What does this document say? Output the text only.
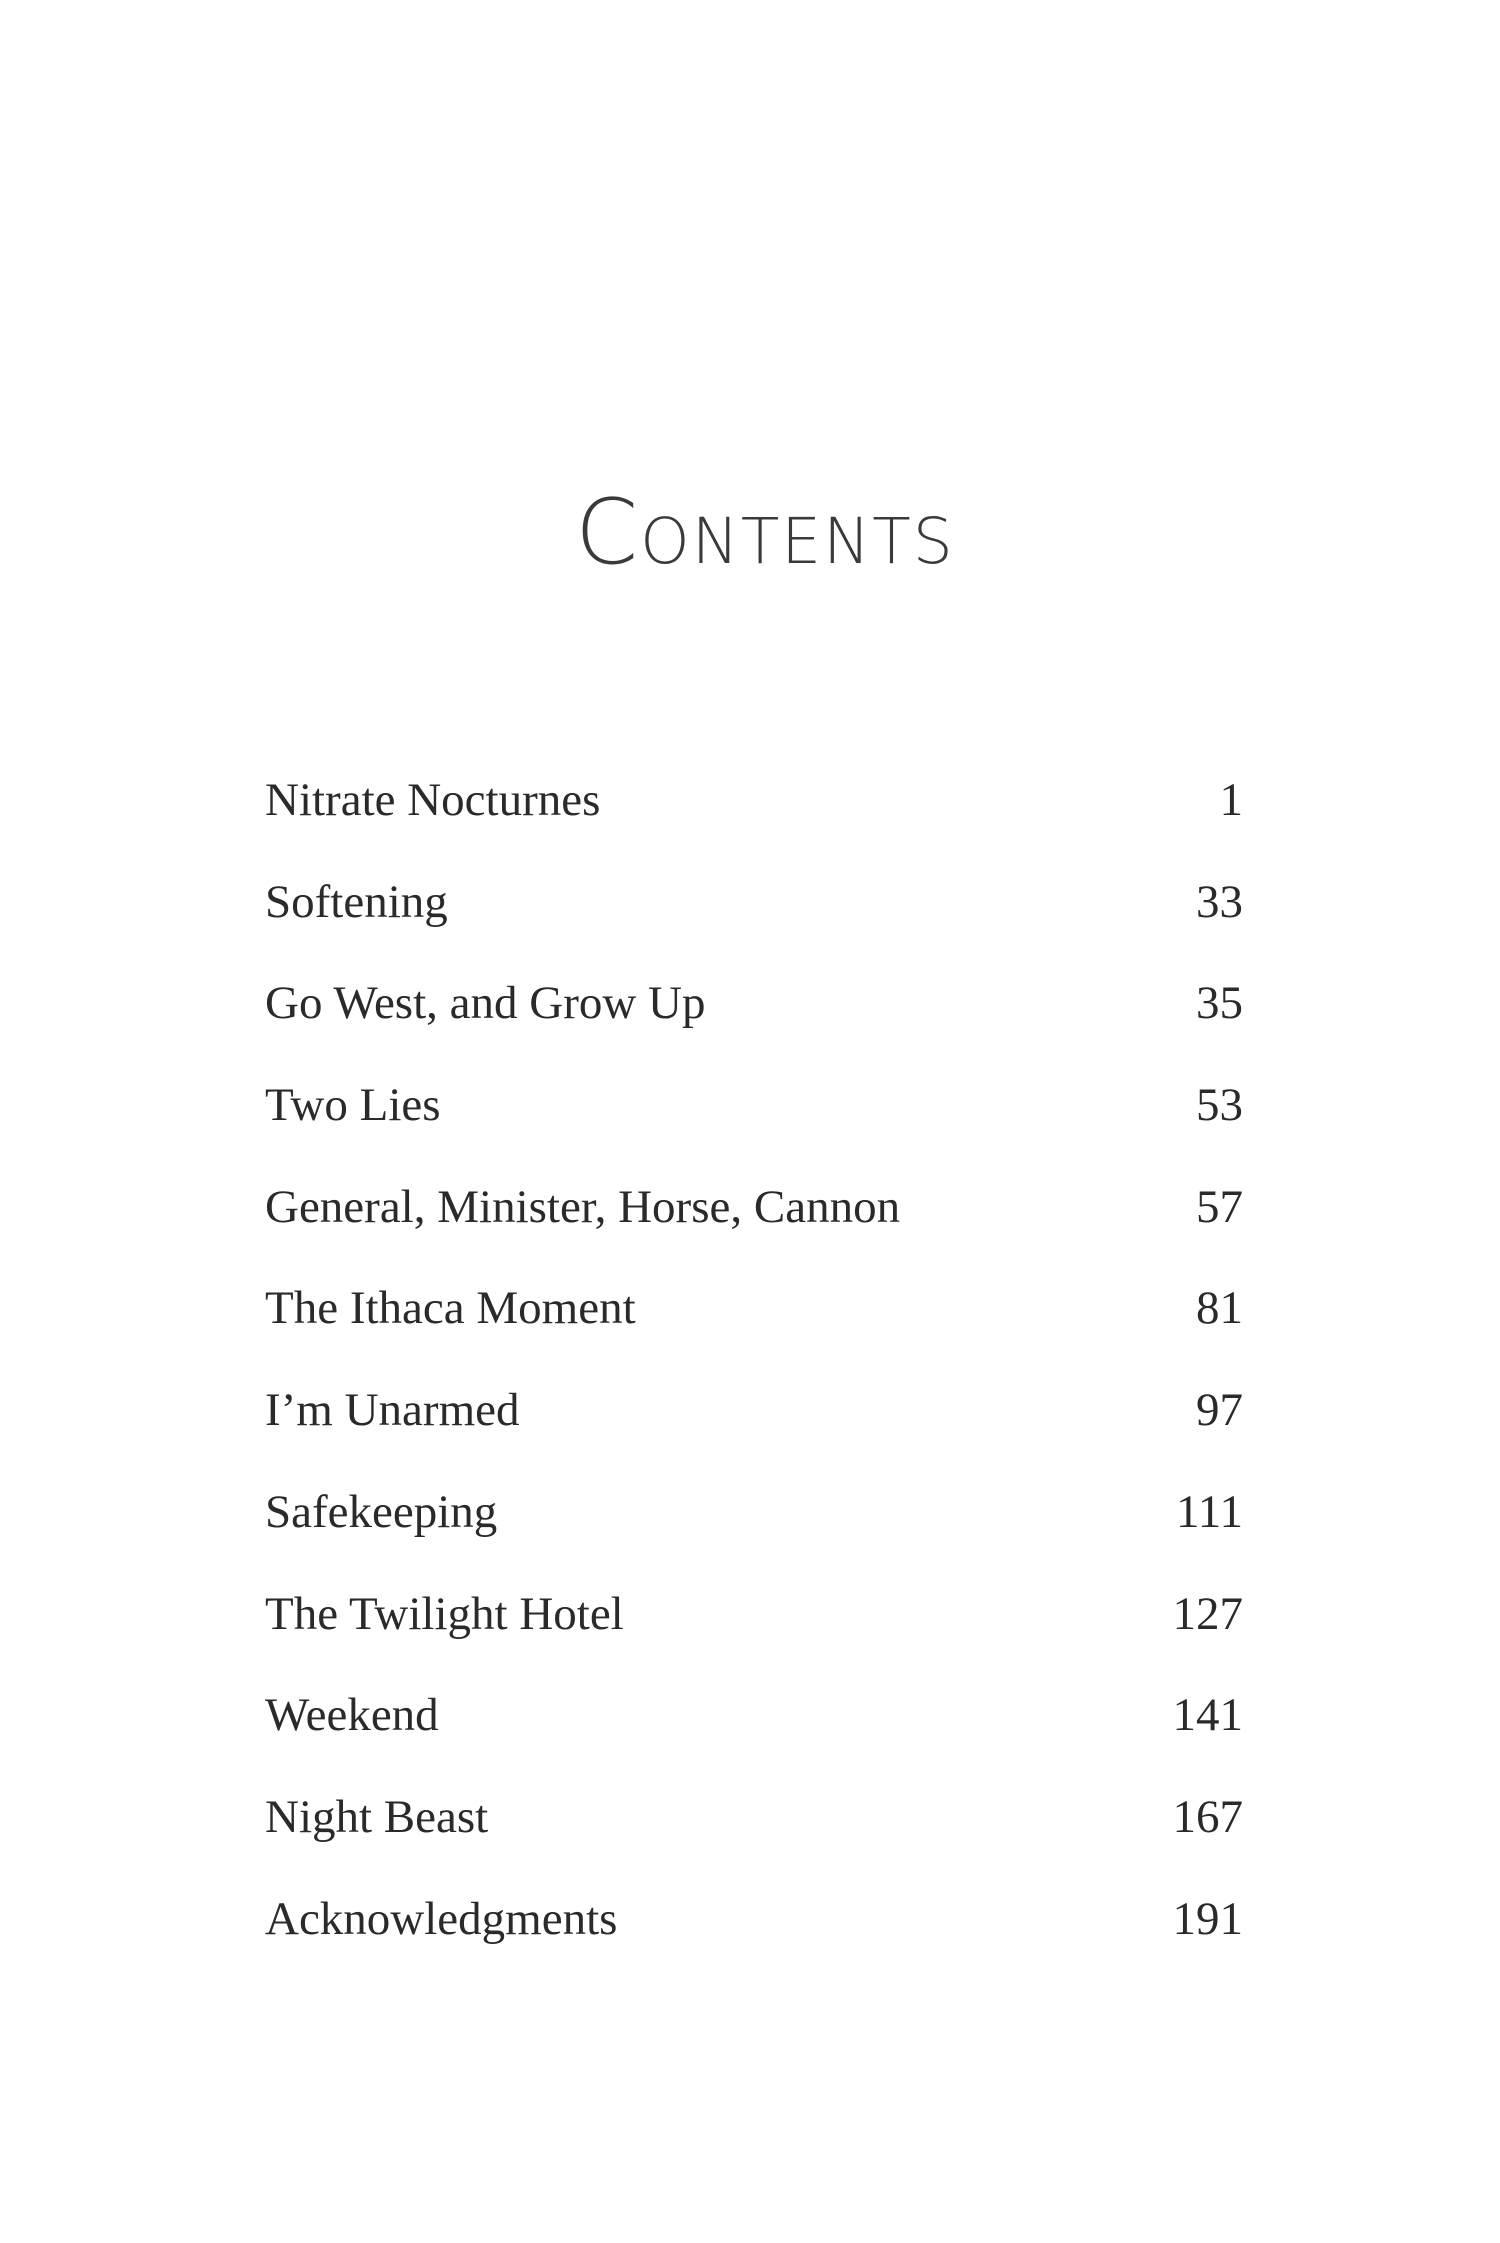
Contents
Nitrate Nocturnes	1
Softening	33
Go West, and Grow Up	35
Two Lies	53
General, Minister, Horse, Cannon	57
The Ithaca Moment	81
I’m Unarmed	97
Safekeeping	111
The Twilight Hotel	127
Weekend	141
Night Beast	167
Acknowledgments	191
